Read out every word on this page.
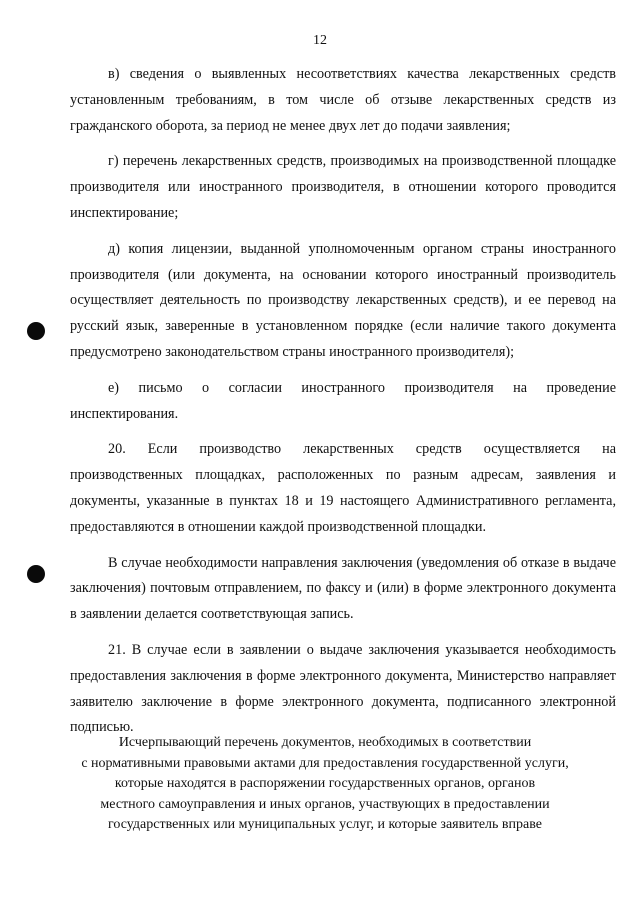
12

в) сведения о выявленных несоответствиях качества лекарственных средств установленным требованиям, в том числе об отзыве лекарственных средств из гражданского оборота, за период не менее двух лет до подачи заявления;

г) перечень лекарственных средств, производимых на производственной площадке производителя или иностранного производителя, в отношении которого проводится инспектирование;

д) копия лицензии, выданной уполномоченным органом страны иностранного производителя (или документа, на основании которого иностранный производитель осуществляет деятельность по производству лекарственных средств), и ее перевод на русский язык, заверенные в установленном порядке (если наличие такого документа предусмотрено законодательством страны иностранного производителя);

е) письмо о согласии иностранного производителя на проведение инспектирования.

20. Если производство лекарственных средств осуществляется на производственных площадках, расположенных по разным адресам, заявления и документы, указанные в пунктах 18 и 19 настоящего Административного регламента, предоставляются в отношении каждой производственной площадки.

В случае необходимости направления заключения (уведомления об отказе в выдаче заключения) почтовым отправлением, по факсу и (или) в форме электронного документа в заявлении делается соответствующая запись.

21. В случае если в заявлении о выдаче заключения указывается необходимость предоставления заключения в форме электронного документа, Министерство направляет заявителю заключение в форме электронного документа, подписанного электронной подписью.

Исчерпывающий перечень документов, необходимых в соответствии
с нормативными правовыми актами для предоставления государственной услуги,
которые находятся в распоряжении государственных органов, органов
местного самоуправления и иных органов, участвующих в предоставлении
государственных или муниципальных услуг, и которые заявитель вправе
